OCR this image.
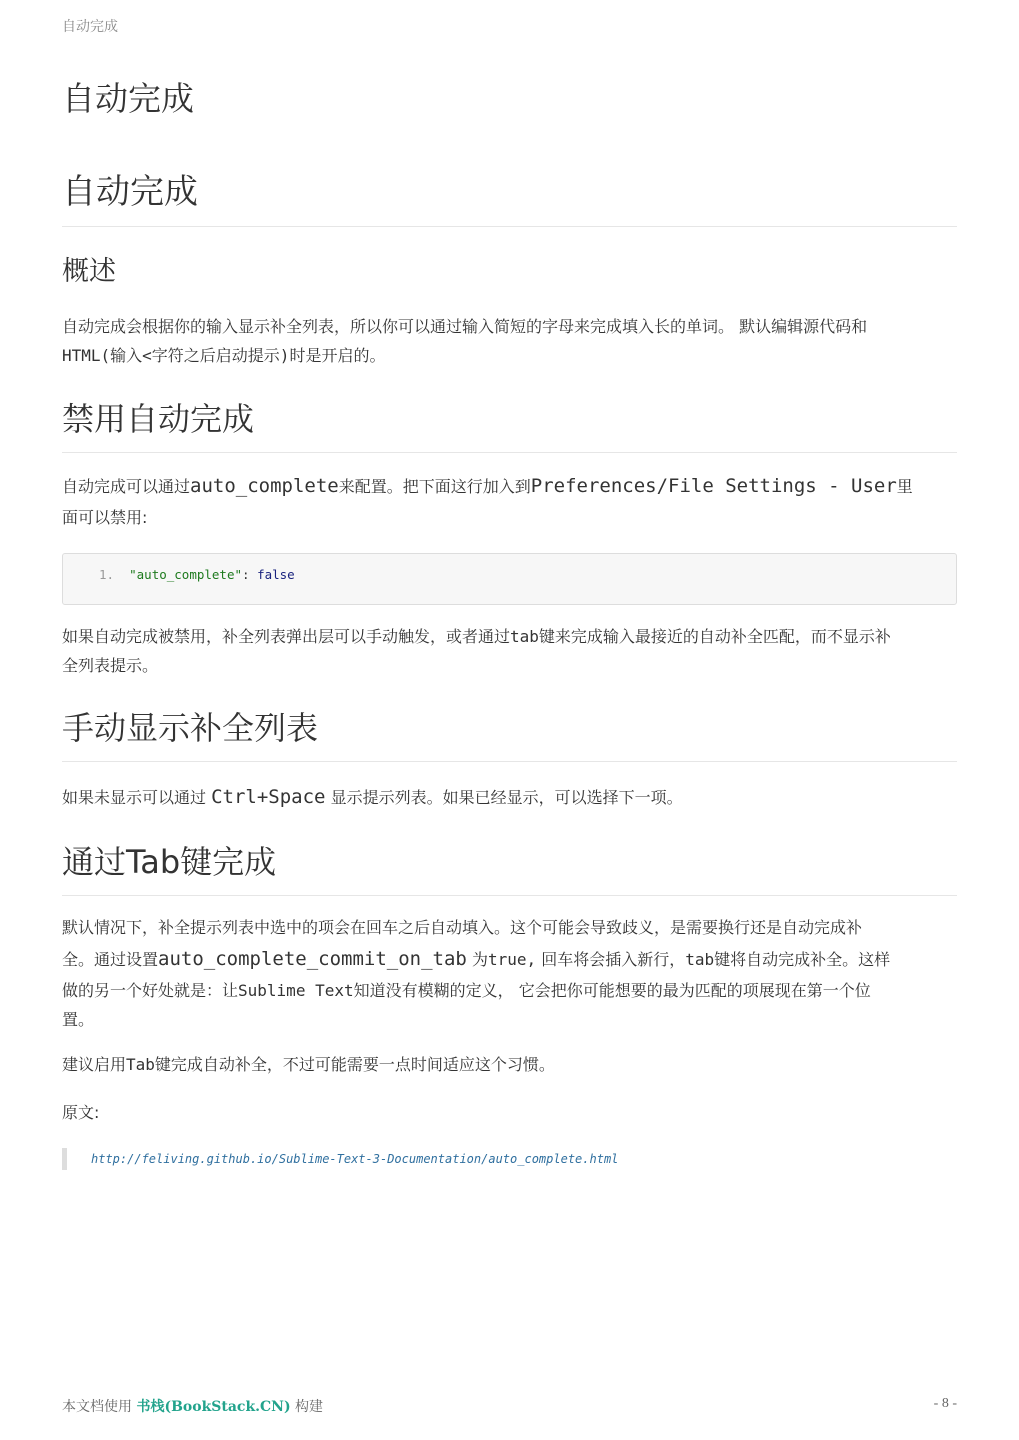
自动完成
自动完成
自动完成
概述

自动完成会根据你的输入显示补全列表，所以你可以通过输入简短的字母来完成填入长的单词。 默认编辑源代码和

HTML(输入<字符之后启动提示)时是开启的。

禁用自动完成

自动完成可以通过auto_complete来配置。把下面这行加入到Preferences/File Settings - User里

面可以禁用:

1. "auto_complete": false

如果自动完成被禁用，补全列表弹出层可以手动触发，或者通过tab键来完成输入最接近的自动补全匹配，而不显示补

全列表提示。

手动显示补全列表

如果未显示可以通过 Ctrl+Space 显示提示列表。如果已经显示，可以选择下一项。

通过Tab键完成

默认情况下，补全提示列表中选中的项会在回车之后自动填入。这个可能会导致歧义，是需要换行还是自动完成补

全。通过设置auto_complete_commit_on_tab 为true, 回车将会插入新行，tab键将自动完成补全。这样

做的另一个好处就是：让Sublime Text知道没有模糊的定义， 它会把你可能想要的最为匹配的项展现在第一个位

置。

建议启用Tab键完成自动补全，不过可能需要一点时间适应这个习惯。

原文:

http://feliving.github.io/Sublime-Text-3-Documentation/auto_complete.html
本文档使用 书栈(BookStack.CN) 构建	- 8 -
